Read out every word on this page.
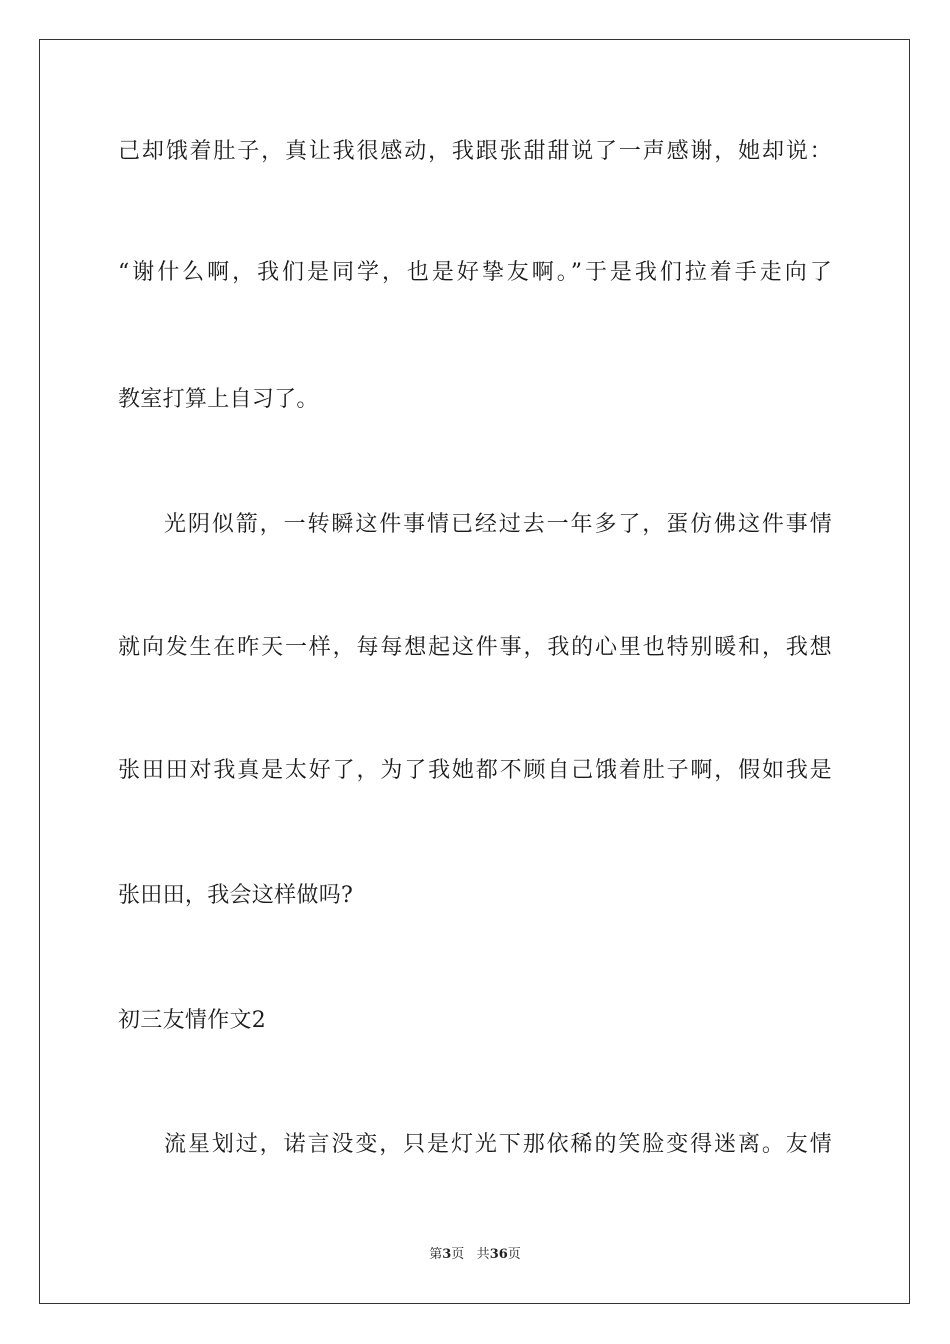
己却饿着肚子，真让我很感动，我跟张甜甜说了一声感谢，她却说：
“谢什么啊，我们是同学，也是好挚友啊。”于是我们拉着手走向了
教室打算上自习了。
光阴似箭，一转瞬这件事情已经过去一年多了，蛋仿佛这件事情
就向发生在昨天一样，每每想起这件事，我的心里也特别暖和，我想
张田田对我真是太好了，为了我她都不顾自己饿着肚子啊，假如我是
张田田，我会这样做吗?
初三友情作文2
流星划过，诺言没变，只是灯光下那依稀的笑脸变得迷离。友情
第3页 共36页
